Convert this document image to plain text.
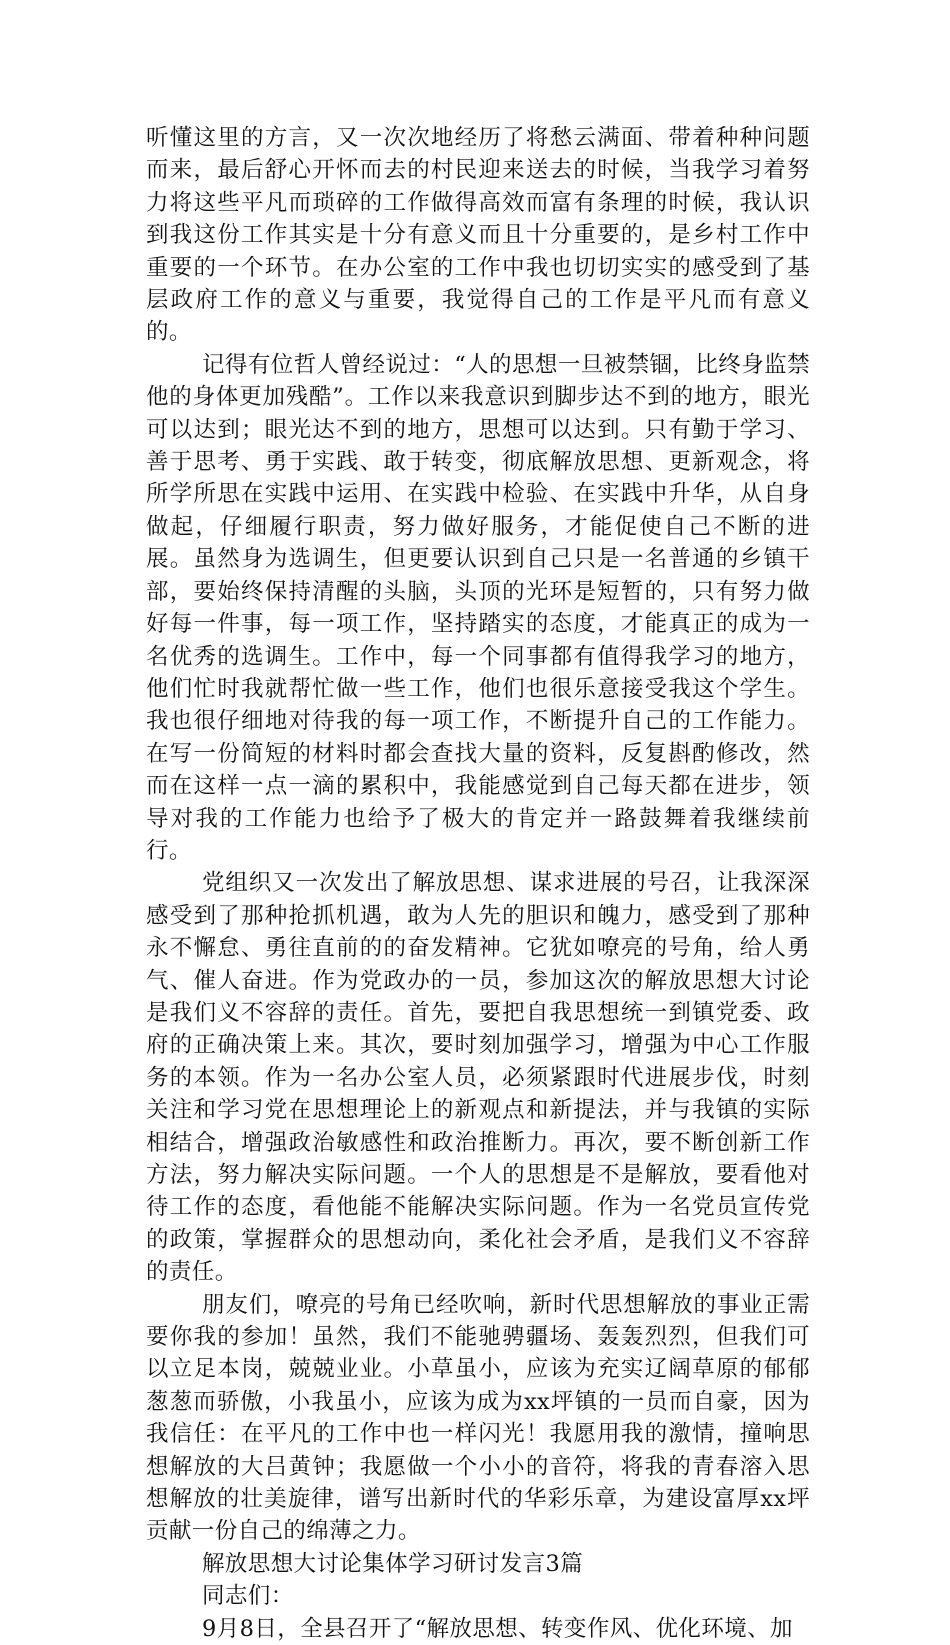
听懂这里的方言，又一次次地经历了将愁云满面、带着种种问题而来，最后舒心开怀而去的村民迎来送去的时候，当我学习着努力将这些平凡而琐碎的工作做得高效而富有条理的时候，我认识到我这份工作其实是十分有意义而且十分重要的，是乡村工作中重要的一个环节。在办公室的工作中我也切切实实的感受到了基层政府工作的意义与重要，我觉得自己的工作是平凡而有意义的。

记得有位哲人曾经说过：“人的思想一旦被禁锢，比终身监禁他的身体更加残酷”。工作以来我意识到脚步达不到的地方，眼光可以达到；眼光达不到的地方，思想可以达到。只有勤于学习、善于思考、勇于实践、敢于转变，彻底解放思想、更新观念，将所学所思在实践中运用、在实践中检验、在实践中升华，从自身做起，仔细履行职责，努力做好服务，才能促使自己不断的进展。虽然身为选调生，但更要认识到自己只是一名普通的乡镇干部，要始终保持清醒的头脑，头顶的光环是短暂的，只有努力做好每一件事，每一项工作，坚持踏实的态度，才能真正的成为一名优秀的选调生。工作中，每一个同事都有值得我学习的地方，他们忙时我就帮忙做一些工作，他们也很乐意接受我这个学生。我也很仔细地对待我的每一项工作，不断提升自己的工作能力。在写一份简短的材料时都会查找大量的资料，反复斟酌修改，然而在这样一点一滴的累积中，我能感觉到自己每天都在进步，领导对我的工作能力也给予了极大的肯定并一路鼓舞着我继续前行。

党组织又一次发出了解放思想、谋求进展的号召，让我深深感受到了那种抢抓机遇，敢为人先的胆识和魄力，感受到了那种永不懈怠、勇往直前的的奋发精神。它犹如嘹亮的号角，给人勇气、催人奋进。作为党政办的一员，参加这次的解放思想大讨论是我们义不容辞的责任。首先，要把自我思想统一到镇党委、政府的正确决策上来。其次，要时刻加强学习，增强为中心工作服务的本领。作为一名办公室人员，必须紧跟时代进展步伐，时刻关注和学习党在思想理论上的新观点和新提法，并与我镇的实际相结合，增强政治敏感性和政治推断力。再次，要不断创新工作方法，努力解决实际问题。一个人的思想是不是解放，要看他对待工作的态度，看他能不能解决实际问题。作为一名党员宣传党的政策，掌握群众的思想动向，柔化社会矛盾，是我们义不容辞的责任。

朋友们，嘹亮的号角已经吹响，新时代思想解放的事业正需要你我的参加！虽然，我们不能驰骋疆场、轰轰烈烈，但我们可以立足本岗，兢兢业业。小草虽小，应该为充实辽阔草原的郁郁葱葱而骄傲，小我虽小，应该为成为xx坪镇的一员而自豪，因为我信任：在平凡的工作中也一样闪光！我愿用我的激情，撞响思想解放的大吕黄钟；我愿做一个小小的音符，将我的青春溶入思想解放的壮美旋律，谱写出新时代的华彩乐章，为建设富厚xx坪贡献一份自己的绵薄之力。

解放思想大讨论集体学习研讨发言3篇

同志们：

9月8日，全县召开了“解放思想、转变作风、优化环境、加
